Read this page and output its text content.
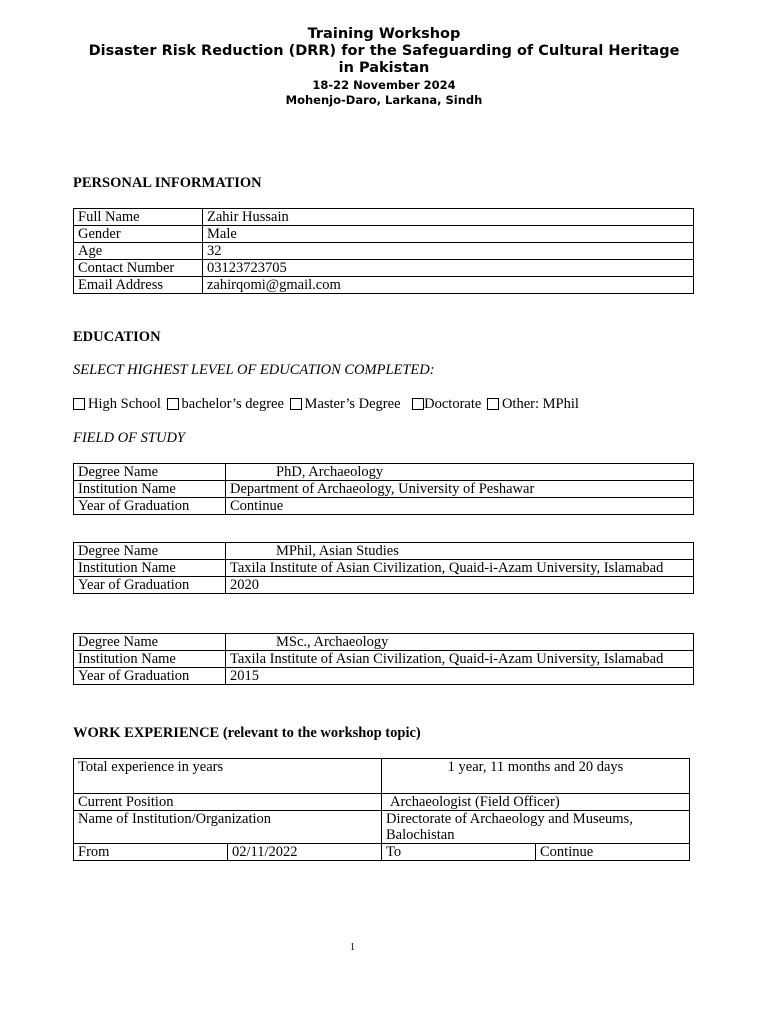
Training Workshop
Disaster Risk Reduction (DRR) for the Safeguarding of Cultural Heritage
in Pakistan
18-22 November 2024
Mohenjo-Daro, Larkana, Sindh
PERSONAL INFORMATION
Full Name	Zahir Hussain
Gender	Male
Age	32
Contact Number	03123723705
Email Address	zahirqomi@gmail.com
EDUCATION
SELECT HIGHEST LEVEL OF EDUCATION COMPLETED:
High School bachelor’s degree Master’s Degree Doctorate Other: MPhil
FIELD OF STUDY
Degree Name	PhD, Archaeology
Institution Name	Department of Archaeology, University of Peshawar
Year of Graduation	Continue
Degree Name	MPhil, Asian Studies
Institution Name	Taxila Institute of Asian Civilization, Quaid-i-Azam University, Islamabad
Year of Graduation	2020
Degree Name	MSc., Archaeology
Institution Name	Taxila Institute of Asian Civilization, Quaid-i-Azam University, Islamabad
Year of Graduation	2015
WORK EXPERIENCE (relevant to the workshop topic)
Total experience in years		1 year, 11 months and 20 days	
Current Position		Archaeologist (Field Officer)	
Name of Institution/Organization		Directorate of Archaeology and Museums, Balochistan	
From	02/11/2022	To	Continue
1
